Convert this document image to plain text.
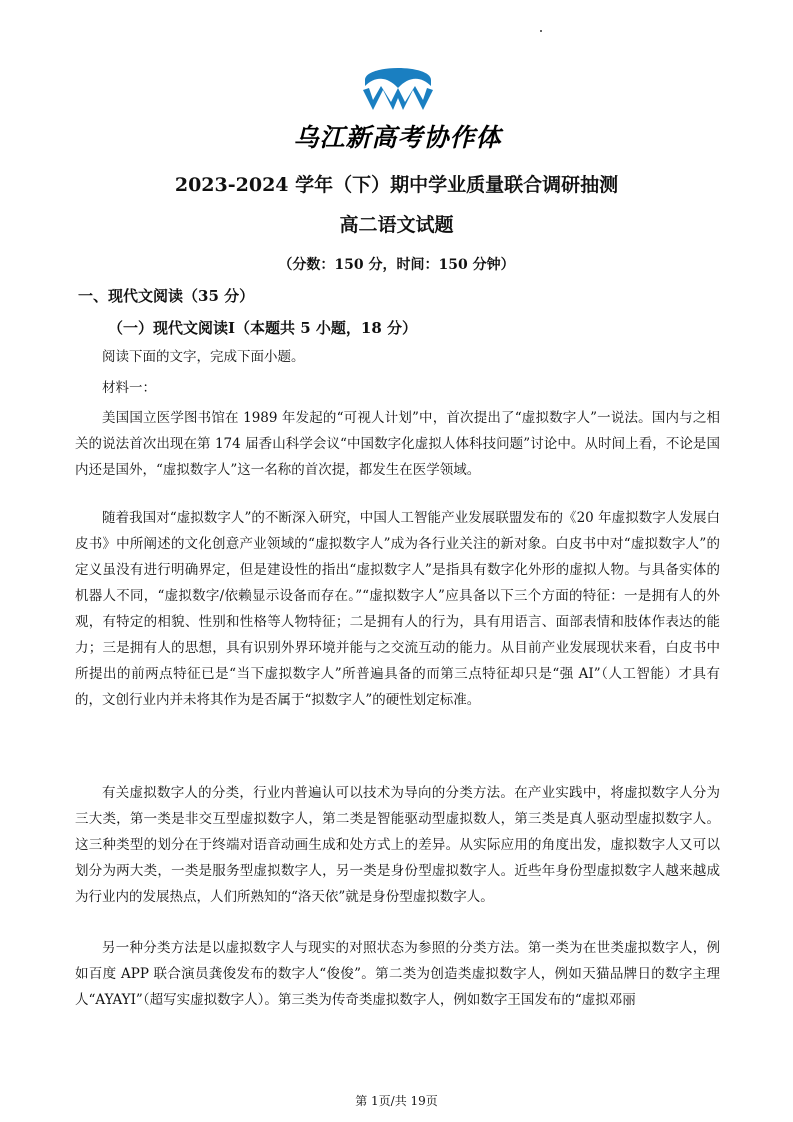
乌江新高考协作体
2023-2024 学年（下）期中学业质量联合调研抽测
高二语文试题
（分数：150 分，时间：150 分钟）
一、现代文阅读（35 分）
（一）现代文阅读Ⅰ（本题共 5 小题，18 分）
阅读下面的文字，完成下面小题。
材料一：
美国国立医学图书馆在 1989 年发起的“可视人计划”中，首次提出了“虚拟数字人”一说法。国内与之相关的说法首次出现在第 174 届香山科学会议“中国数字化虚拟人体科技问题”讨论中。从时间上看，不论是国内还是国外，“虚拟数字人”这一名称的首次提，都发生在医学领域。
随着我国对“虚拟数字人”的不断深入研究，中国人工智能产业发展联盟发布的《20 年虚拟数字人发展白皮书》中所阐述的文化创意产业领域的“虚拟数字人”成为各行业关注的新对象。白皮书中对“虚拟数字人”的定义虽没有进行明确界定，但是建设性的指出“虚拟数字人”是指具有数字化外形的虚拟人物。与具备实体的机器人不同，“虚拟数字/依赖显示设备而存在。”“虚拟数字人”应具备以下三个方面的特征：一是拥有人的外观，有特定的相貌、性别和性格等人物特征；二是拥有人的行为，具有用语言、面部表情和肢体作表达的能力；三是拥有人的思想，具有识别外界环境并能与之交流互动的能力。从目前产业发展现状来看，白皮书中所提出的前两点特征已是“当下虚拟数字人”所普遍具备的而第三点特征却只是“强 AI”（人工智能）才具有的，文创行业内并未将其作为是否属于“拟数字人”的硬性划定标准。
有关虚拟数字人的分类，行业内普遍认可以技术为导向的分类方法。在产业实践中，将虚拟数字人分为三大类，第一类是非交互型虚拟数字人，第二类是智能驱动型虚拟数人，第三类是真人驱动型虚拟数字人。这三种类型的划分在于终端对语音动画生成和处方式上的差异。从实际应用的角度出发，虚拟数字人又可以划分为两大类，一类是服务型虚拟数字人，另一类是身份型虚拟数字人。近些年身份型虚拟数字人越来越成为行业内的发展热点，人们所熟知的“洛天依”就是身份型虚拟数字人。
另一种分类方法是以虚拟数字人与现实的对照状态为参照的分类方法。第一类为在世类虚拟数字人，例如百度 APP 联合演员龚俊发布的数字人“俊俊”。第二类为创造类虚拟数字人，例如天猫品牌日的数字主理人“AYAYI”（超写实虚拟数字人）。第三类为传奇类虚拟数字人，例如数字王国发布的“虚拟邓丽
第 1页/共 19页
